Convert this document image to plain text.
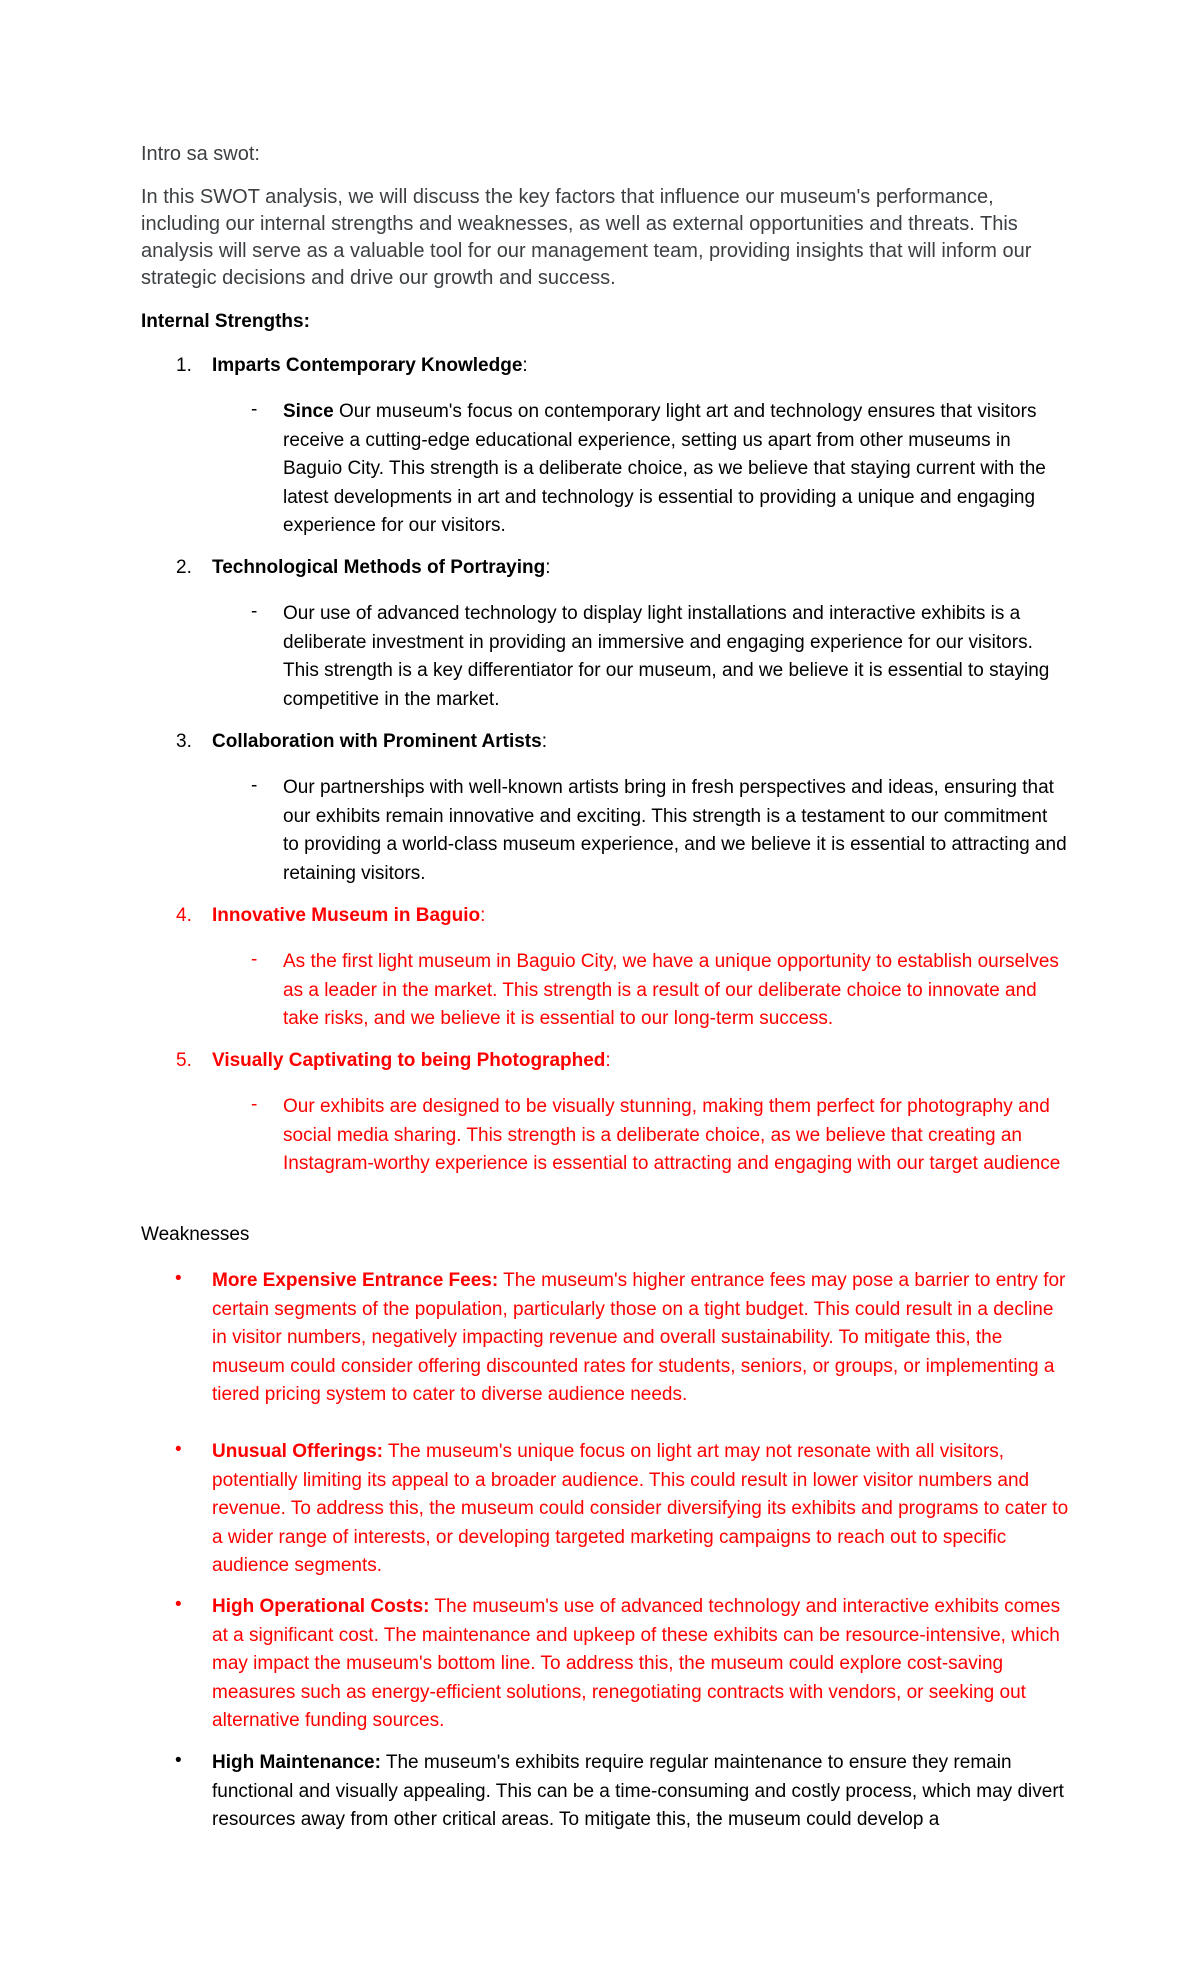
Intro sa swot:

In this SWOT analysis, we will discuss the key factors that influence our museum's performance, including our internal strengths and weaknesses, as well as external opportunities and threats. This analysis will serve as a valuable tool for our management team, providing insights that will inform our strategic decisions and drive our growth and success.

Internal Strengths:

1. Imparts Contemporary Knowledge:
- Since Our museum's focus on contemporary light art and technology ensures that visitors receive a cutting-edge educational experience, setting us apart from other museums in Baguio City. This strength is a deliberate choice, as we believe that staying current with the latest developments in art and technology is essential to providing a unique and engaging experience for our visitors.

2. Technological Methods of Portraying:
- Our use of advanced technology to display light installations and interactive exhibits is a deliberate investment in providing an immersive and engaging experience for our visitors. This strength is a key differentiator for our museum, and we believe it is essential to staying competitive in the market.

3. Collaboration with Prominent Artists:
- Our partnerships with well-known artists bring in fresh perspectives and ideas, ensuring that our exhibits remain innovative and exciting. This strength is a testament to our commitment to providing a world-class museum experience, and we believe it is essential to attracting and retaining visitors.

4. Innovative Museum in Baguio:
- As the first light museum in Baguio City, we have a unique opportunity to establish ourselves as a leader in the market. This strength is a result of our deliberate choice to innovate and take risks, and we believe it is essential to our long-term success.

5. Visually Captivating to being Photographed:
- Our exhibits are designed to be visually stunning, making them perfect for photography and social media sharing. This strength is a deliberate choice, as we believe that creating an Instagram-worthy experience is essential to attracting and engaging with our target audience

Weaknesses

• More Expensive Entrance Fees: The museum's higher entrance fees may pose a barrier to entry for certain segments of the population, particularly those on a tight budget. This could result in a decline in visitor numbers, negatively impacting revenue and overall sustainability. To mitigate this, the museum could consider offering discounted rates for students, seniors, or groups, or implementing a tiered pricing system to cater to diverse audience needs.

• Unusual Offerings: The museum's unique focus on light art may not resonate with all visitors, potentially limiting its appeal to a broader audience. This could result in lower visitor numbers and revenue. To address this, the museum could consider diversifying its exhibits and programs to cater to a wider range of interests, or developing targeted marketing campaigns to reach out to specific audience segments.

• High Operational Costs: The museum's use of advanced technology and interactive exhibits comes at a significant cost. The maintenance and upkeep of these exhibits can be resource-intensive, which may impact the museum's bottom line. To address this, the museum could explore cost-saving measures such as energy-efficient solutions, renegotiating contracts with vendors, or seeking out alternative funding sources.

• High Maintenance: The museum's exhibits require regular maintenance to ensure they remain functional and visually appealing. This can be a time-consuming and costly process, which may divert resources away from other critical areas. To mitigate this, the museum could develop a
